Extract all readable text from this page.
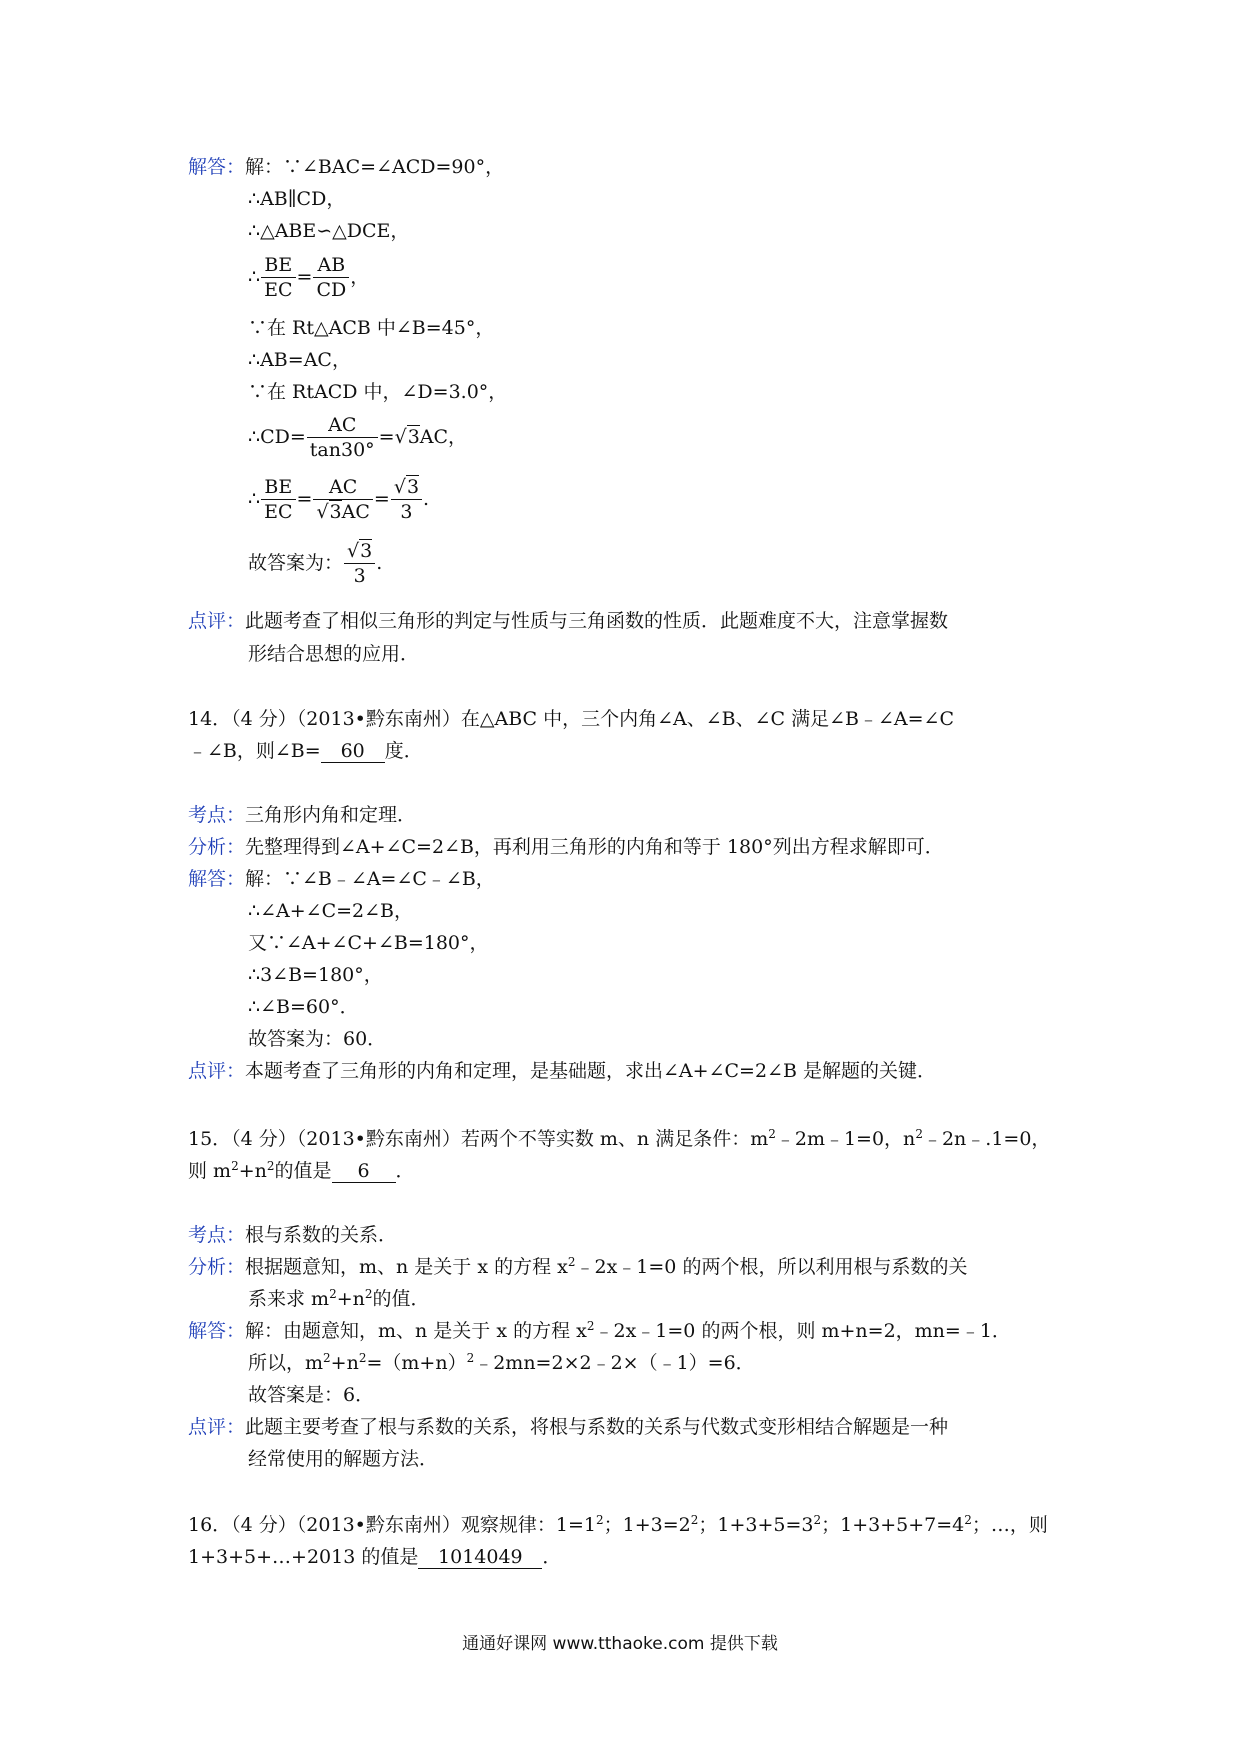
解答：解：∵∠BAC=∠ACD=90°，
∴AB∥CD，
∴△ABE∽△DCE，
∴ $\frac{BE}{EC} = \frac{AB}{CD}$ ，
∵在 Rt△ACB 中∠B=45°，
∴AB=AC，
∵在 RtACD 中，∠D=3.0°，
∴CD= $\frac{AC}{\tan 30^\circ} =√3AC$，
∴ $\frac{BE}{EC} = \frac{AC}{√3AC} = \frac{√3}{3}$ .
故答案为： $\frac{√3}{3}$ .
点评：此题考查了相似三角形的判定与性质与三角函数的性质．此题难度不大，注意掌握数
形结合思想的应用．
14．（4 分）（2013•黔东南州）在△ABC 中，三个内角∠A、∠B、∠C 满足∠B﹣∠A=∠C
﹣∠B，则∠B= 60 度．
考点：三角形内角和定理．
分析：先整理得到∠A+∠C=2∠B，再利用三角形的内角和等于 180°列出方程求解即可．
解答：解：∵∠B﹣∠A=∠C﹣∠B，
∴∠A+∠C=2∠B，
又∵∠A+∠C+∠B=180°，
∴3∠B=180°，
∴∠B=60°．
故答案为：60．
点评：本题考查了三角形的内角和定理，是基础题，求出∠A+∠C=2∠B 是解题的关键．
15．（4 分）（2013•黔东南州）若两个不等实数 m、n 满足条件：$m^2﹣2m﹣1=0$，$n^2﹣2n﹣.1=0$，
则 $m^2+n^2$的值是 6 ．
考点：根与系数的关系．
分析：根据题意知，m、n 是关于 x 的方程 $x^2﹣2x﹣1=0$ 的两个根，所以利用根与系数的关
系来求 $m^2+n^2$的值．
解答：解：由题意知，m、n 是关于 x 的方程 $x^2﹣2x﹣1=0$ 的两个根，则 m+n=2，mn=﹣1．
所以，$m^2+n^2=(m+n)^2﹣2mn=2\times 2﹣2\times(﹣1)=6$．
故答案是：6．
点评：此题主要考查了根与系数的关系，将根与系数的关系与代数式变形相结合解题是一种
经常使用的解题方法．
16．（4 分）（2013•黔东南州）观察规律：$1=1^2$；$1+3=2^2$；$1+3+5=3^2$；$1+3+5+7=4^2$；…，则
1+3+5+…+2013 的值是 1014049 ．
通通好课网 www.tthaoke.com 提供下载
